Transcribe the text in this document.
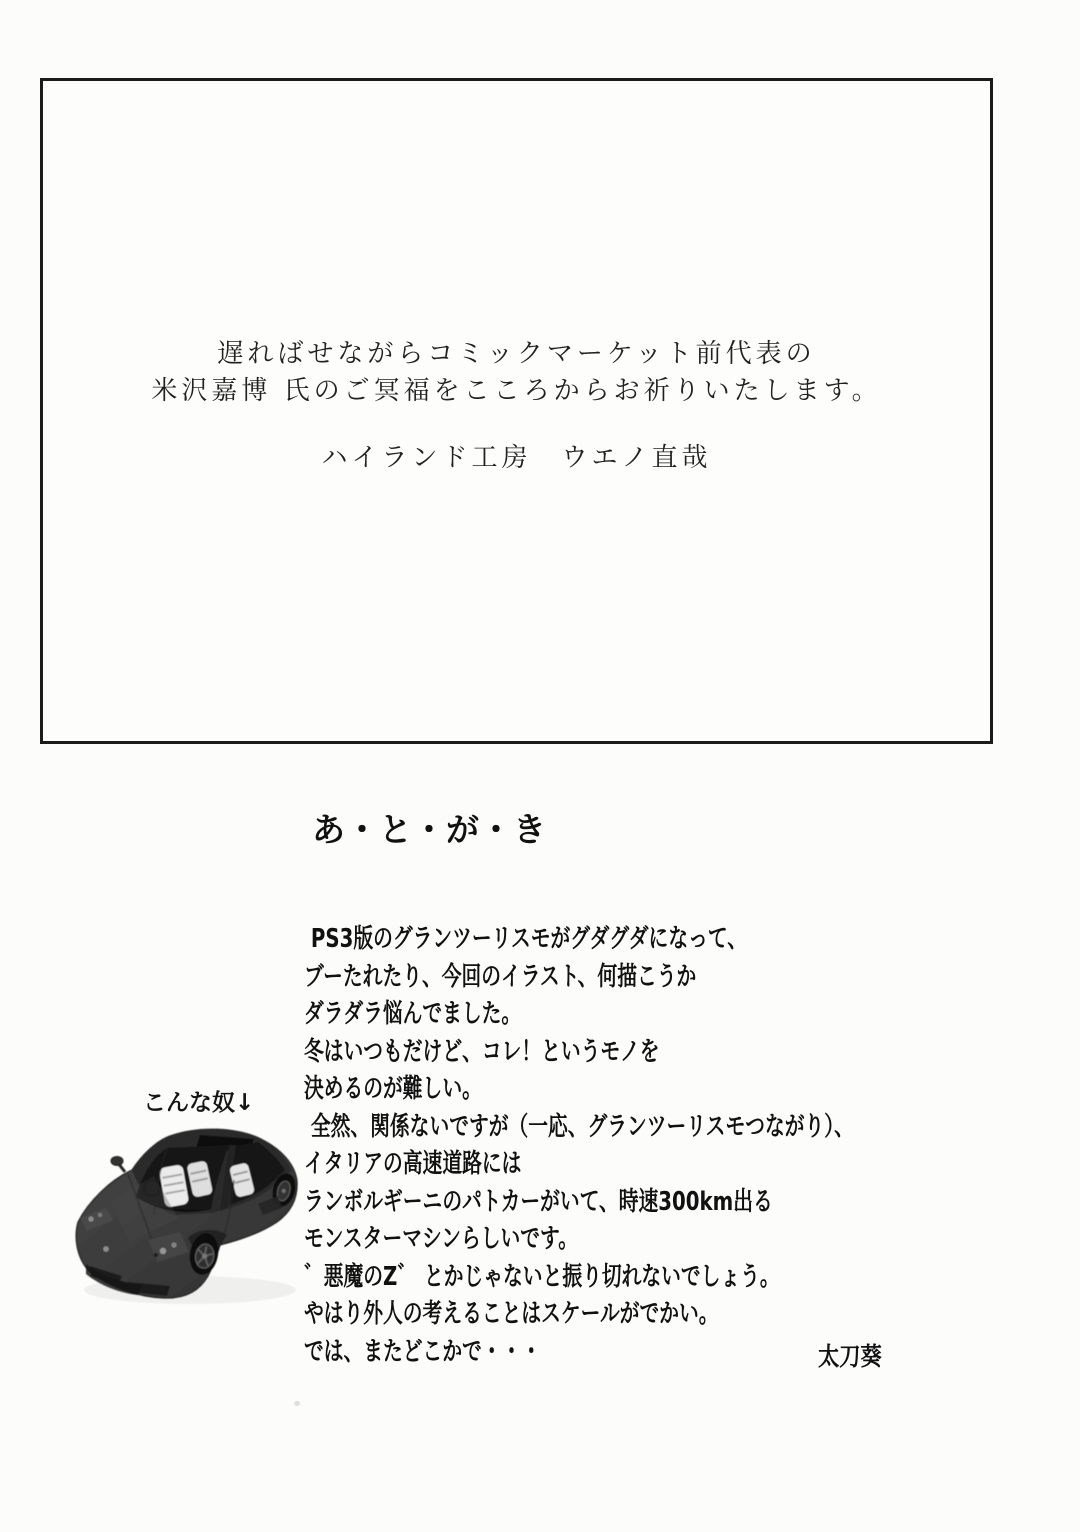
遅ればせながらコミックマーケット前代表の

米沢嘉博 氏のご冥福をこころからお祈りいたします。

ハイランド工房　ウエノ直哉

あ・と・が・き

PS3版のグランツーリスモがグダグダになって、

ブーたれたり、今回のイラスト、何描こうか

ダラダラ悩んでました。

冬はいつもだけど、コレ！というモノを

決めるのが難しい。

全然、関係ないですが（一応、グランツーリスモつながり）、

イタリアの高速道路には

ランボルギーニのパトカーがいて、時速300km出る

モンスターマシンらしいです。

゛悪魔のZ゛ とかじゃないと振り切れないでしょう。

やはり外人の考えることはスケールがでかい。

では、またどこかで・・・	太刀葵

こんな奴↓
